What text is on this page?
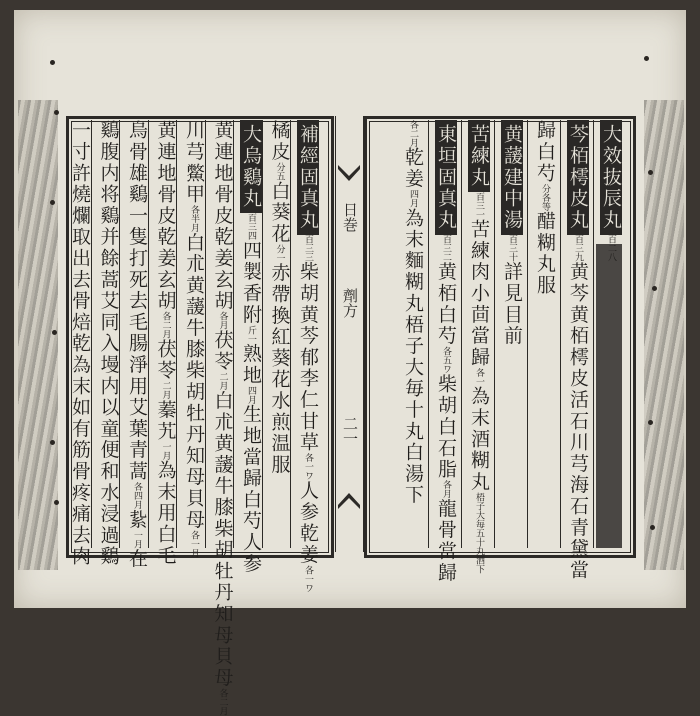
日巻
劑方
二一
大效抜辰丸百二八
芩栢樗皮丸百三九黄芩黄栢樗皮活石川芎海石青黛當
歸白芍分各等醋糊丸服
黄蘐建中湯百三十詳見目前
苦練丸百三一苦練肉小茴當歸各一為末酒糊丸梧子大毎五十丸酒下
東垣固真丸百三二黄栢白芍各五ワ柴胡白石脂各月龍骨當歸
各二月乾姜四月為末麵糊丸梧子大毎十丸白湯下
補經固真丸百三三柴胡黄芩郁李仁甘草各一ワ人参乾姜各一ワ
橘皮分五白葵花分一赤帶換紅葵花水煎温服
大烏鷄丸百三四四製香附斤一熟地四月生地當歸白芍人参
黄連地骨皮乾姜玄胡各月茯苓二月白朮黄蘐牛膝柴胡牡丹知母貝母各二月
川芎鱉甲各半月白朮黄蘐牛膝柴胡牡丹知母貝母各一月
黄連地骨皮乾姜玄胡各二月茯苓二月蓁艽一月為末用白毛
烏骨雄鷄一隻打死去毛腸淨用艾葉青蒿各四月紥一月在
鷄腹内将鷄并餘蒿艾同入墁内以童便和水浸過鷄
一寸許燒爛取出去骨焙乾為末如有筋骨疼痛去肉
